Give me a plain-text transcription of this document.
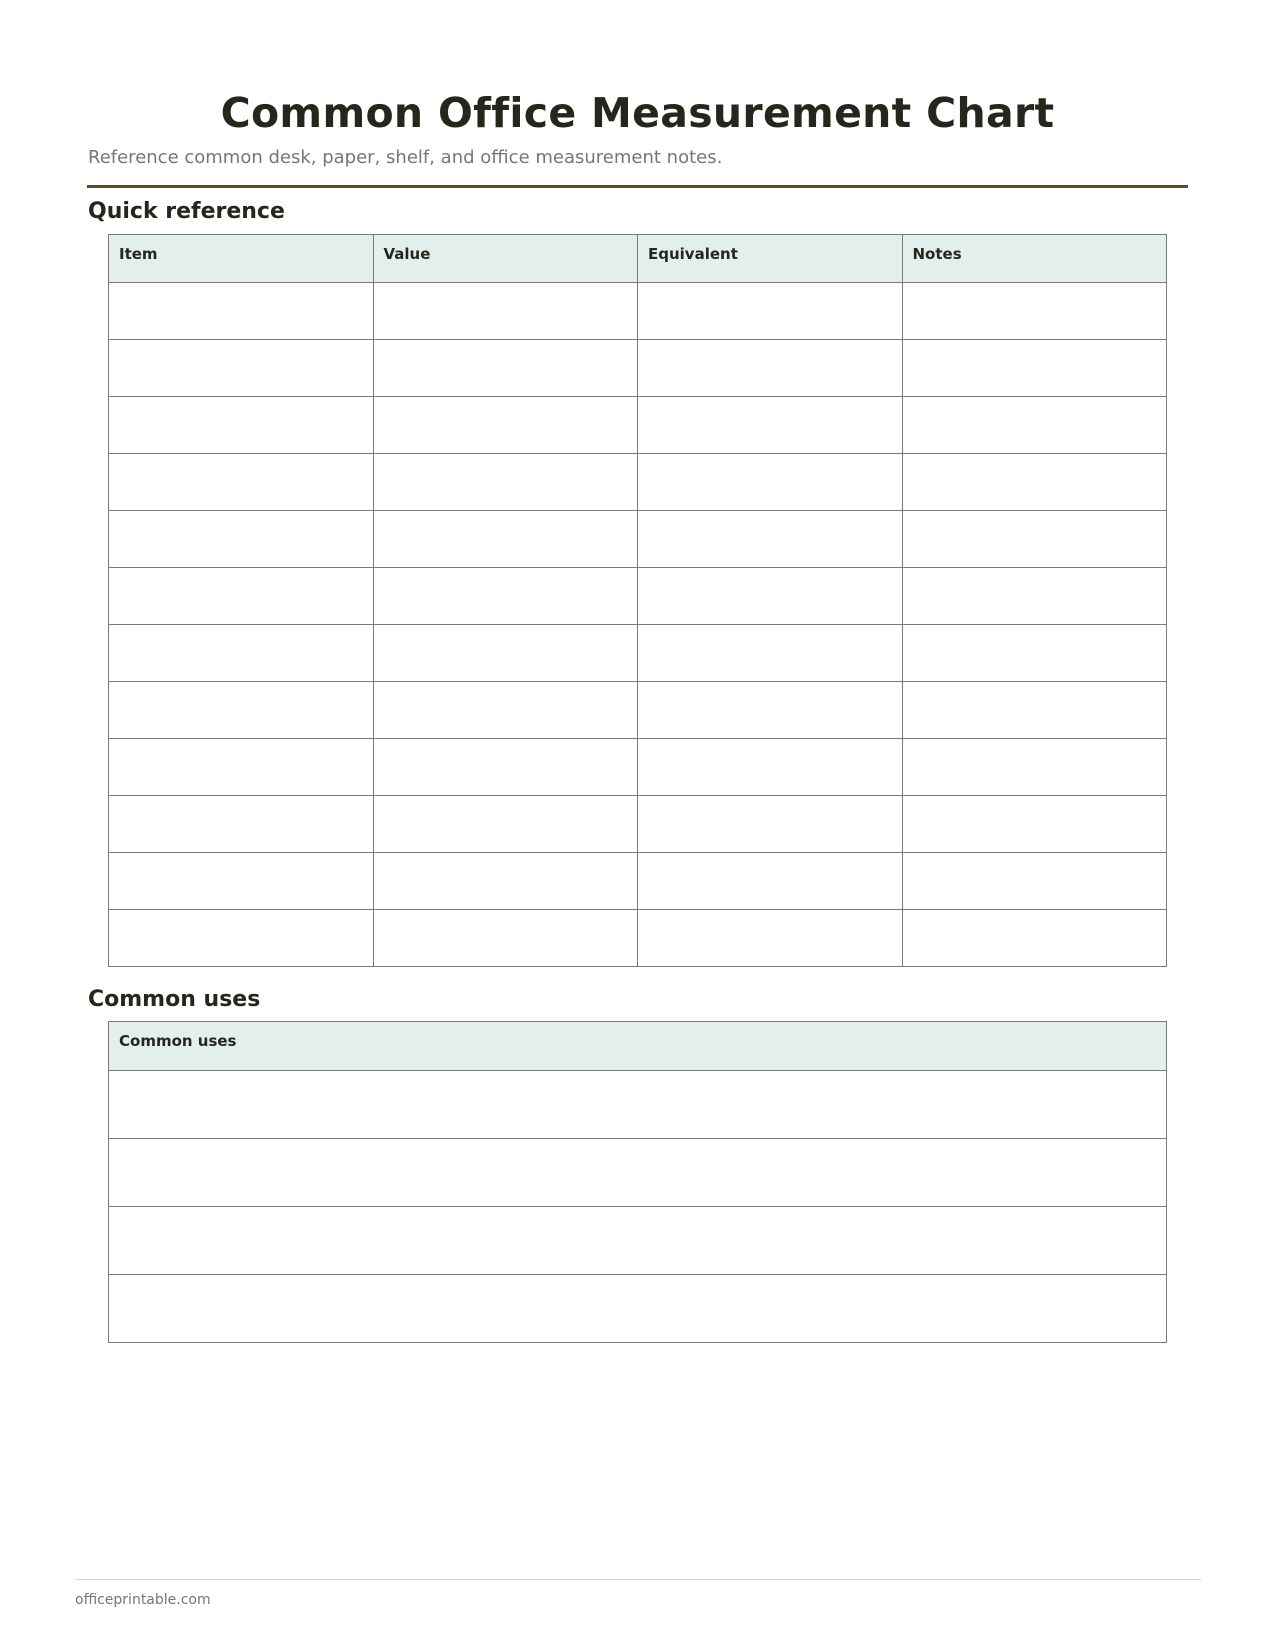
Common Office Measurement Chart

Reference common desk, paper, shelf, and office measurement notes.

Quick reference
Item	Value	Equivalent	Notes

Common uses
Common uses

officeprintable.com
